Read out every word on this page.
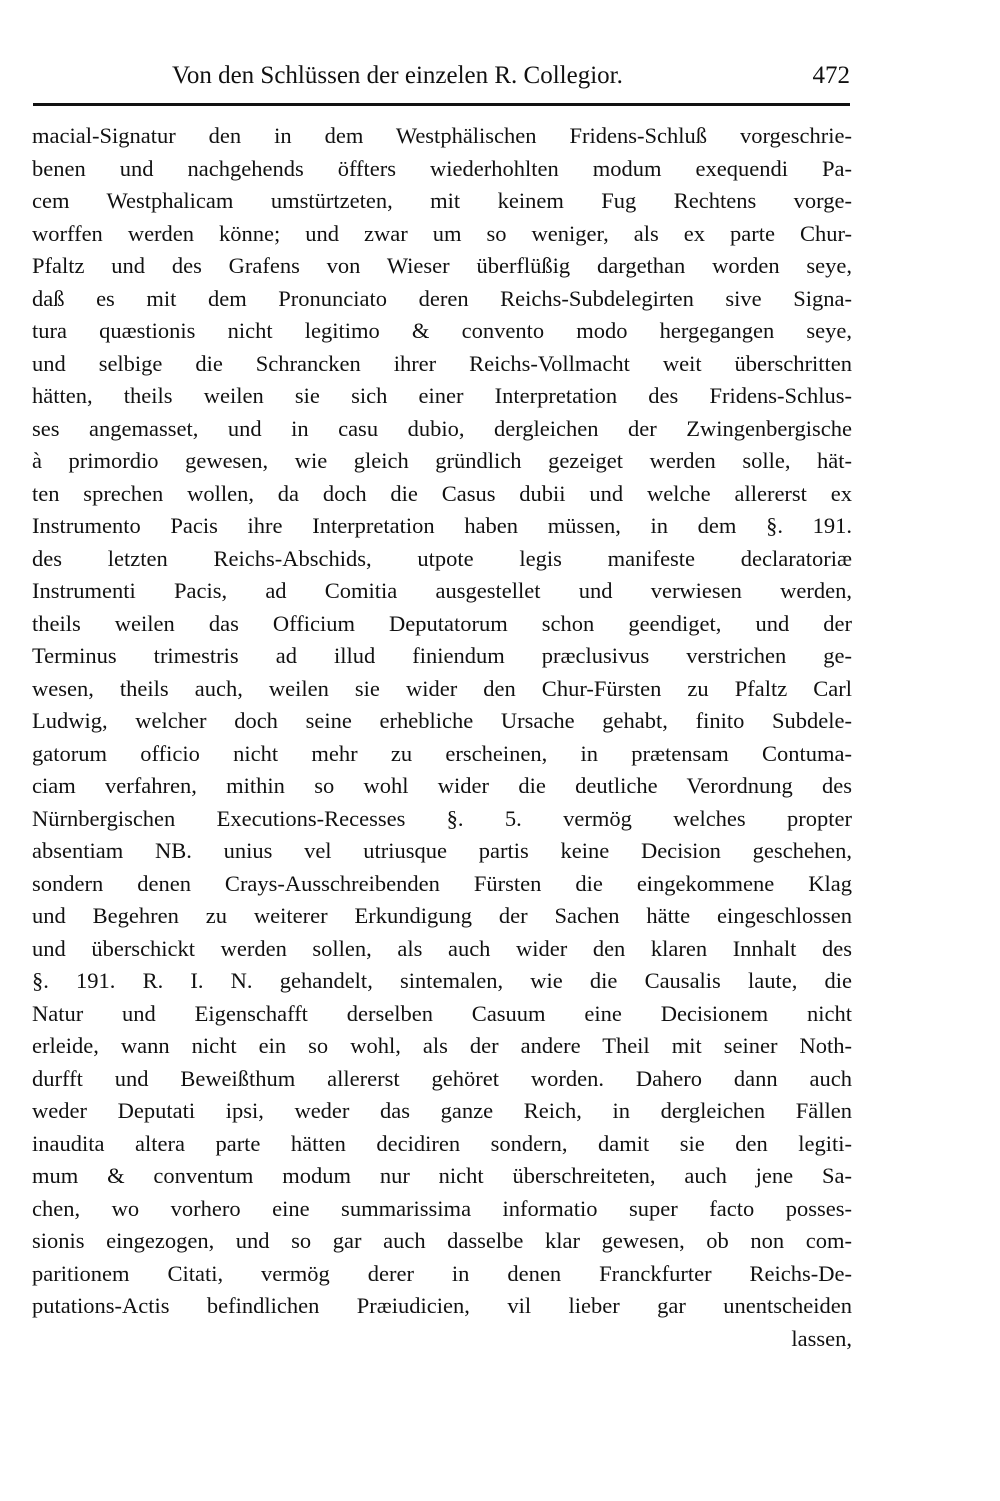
Von den Schlüssen der einzelen R. Collegior.	472
macial-Signatur den in dem Westphälischen Fridens-Schluß vorgeschrie-
benen und nachgehends öffters wiederhohlten modum exequendi Pa-
cem Westphalicam umstürtzeten, mit keinem Fug Rechtens vorge-
worffen werden könne; und zwar um so weniger, als ex parte Chur-
Pfaltz und des Grafens von Wieser überflüßig dargethan worden seye,
daß es mit dem Pronunciato deren Reichs-Subdelegirten sive Signa-
tura quæstionis nicht legitimo & convento modo hergegangen seye,
und selbige die Schrancken ihrer Reichs-Vollmacht weit überschritten
hätten, theils weilen sie sich einer Interpretation des Fridens-Schlus-
ses angemasset, und in casu dubio, dergleichen der Zwingenbergische
à primordio gewesen, wie gleich gründlich gezeiget werden solle, hät-
ten sprechen wollen, da doch die Casus dubii und welche allererst ex
Instrumento Pacis ihre Interpretation haben müssen, in dem §. 191.
des letzten Reichs-Abschids, utpote legis manifeste declaratoriæ
Instrumenti Pacis, ad Comitia ausgestellet und verwiesen werden,
theils weilen das Officium Deputatorum schon geendiget, und der
Terminus trimestris ad illud finiendum præclusivus verstrichen ge-
wesen, theils auch, weilen sie wider den Chur-Fürsten zu Pfaltz Carl
Ludwig, welcher doch seine erhebliche Ursache gehabt, finito Subdele-
gatorum officio nicht mehr zu erscheinen, in prætensam Contuma-
ciam verfahren, mithin so wohl wider die deutliche Verordnung des
Nürnbergischen Executions-Recesses §. 5. vermög welches propter
absentiam NB. unius vel utriusque partis keine Decision geschehen,
sondern denen Crays-Ausschreibenden Fürsten die eingekommene Klag
und Begehren zu weiterer Erkundigung der Sachen hätte eingeschlossen
und überschickt werden sollen, als auch wider den klaren Innhalt des
§. 191. R. I. N. gehandelt, sintemalen, wie die Causalis laute, die
Natur und Eigenschafft derselben Casuum eine Decisionem nicht
erleide, wann nicht ein so wohl, als der andere Theil mit seiner Noth-
durfft und Beweißthum allererst gehöret worden. Dahero dann auch
weder Deputati ipsi, weder das ganze Reich, in dergleichen Fällen
inaudita altera parte hätten decidiren sondern, damit sie den legiti-
mum & conventum modum nur nicht überschreiteten, auch jene Sa-
chen, wo vorhero eine summarissima informatio super facto posses-
sionis eingezogen, und so gar auch dasselbe klar gewesen, ob non com-
paritionem Citati, vermög derer in denen Franckfurter Reichs-De-
putations-Actis befindlichen Præiudicien, vil lieber gar unentscheiden
lassen,
